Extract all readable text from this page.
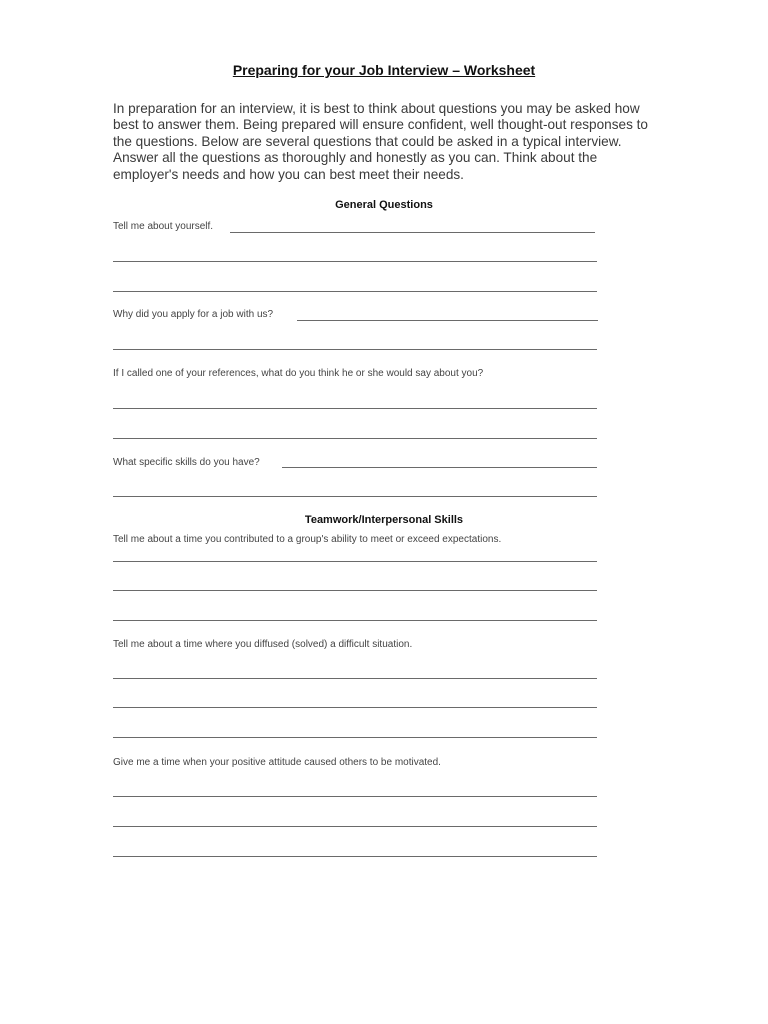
Preparing for your Job Interview – Worksheet

In preparation for an interview, it is best to think about questions you may be asked how best to answer them. Being prepared will ensure confident, well thought-out responses to the questions. Below are several questions that could be asked in a typical interview. Answer all the questions as thoroughly and honestly as you can. Think about the employer's needs and how you can best meet their needs.

General Questions

Tell me about yourself.

Why did you apply for a job with us?

If I called one of your references, what do you think he or she would say about you?

What specific skills do you have?

Teamwork/Interpersonal Skills

Tell me about a time you contributed to a group's ability to meet or exceed expectations.

Tell me about a time where you diffused (solved) a difficult situation.

Give me a time when your positive attitude caused others to be motivated.
